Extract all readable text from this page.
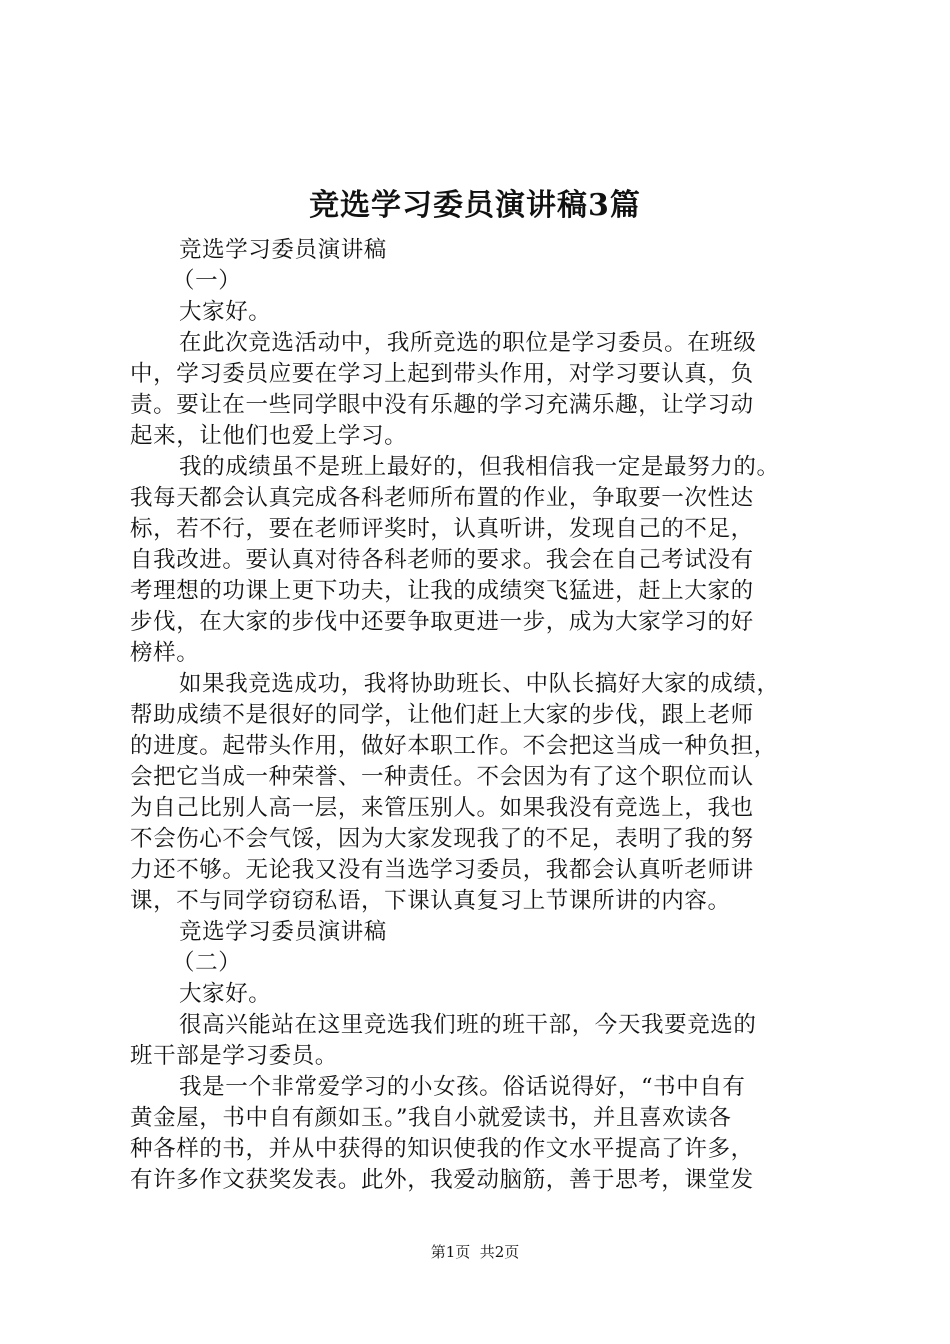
竞选学习委员演讲稿3篇
竞选学习委员演讲稿
（一）
大家好。
在此次竞选活动中，我所竞选的职位是学习委员。在班级
中，学习委员应要在学习上起到带头作用，对学习要认真，负
责。要让在一些同学眼中没有乐趣的学习充满乐趣，让学习动
起来，让他们也爱上学习。
我的成绩虽不是班上最好的，但我相信我一定是最努力的。
我每天都会认真完成各科老师所布置的作业，争取要一次性达
标，若不行，要在老师评奖时，认真听讲，发现自己的不足，
自我改进。要认真对待各科老师的要求。我会在自己考试没有
考理想的功课上更下功夫，让我的成绩突飞猛进，赶上大家的
步伐，在大家的步伐中还要争取更进一步，成为大家学习的好
榜样。
如果我竞选成功，我将协助班长、中队长搞好大家的成绩，
帮助成绩不是很好的同学，让他们赶上大家的步伐，跟上老师
的进度。起带头作用，做好本职工作。不会把这当成一种负担，
会把它当成一种荣誉、一种责任。不会因为有了这个职位而认
为自己比别人高一层，来管压别人。如果我没有竞选上，我也
不会伤心不会气馁，因为大家发现我了的不足，表明了我的努
力还不够。无论我又没有当选学习委员，我都会认真听老师讲
课，不与同学窃窃私语，下课认真复习上节课所讲的内容。
竞选学习委员演讲稿
（二）
大家好。
很高兴能站在这里竞选我们班的班干部，今天我要竞选的
班干部是学习委员。
我是一个非常爱学习的小女孩。俗话说得好，“书中自有
黄金屋，书中自有颜如玉。”我自小就爱读书，并且喜欢读各
种各样的书，并从中获得的知识使我的作文水平提高了许多，
有许多作文获奖发表。此外，我爱动脑筋，善于思考，课堂发
第1页  共2页
